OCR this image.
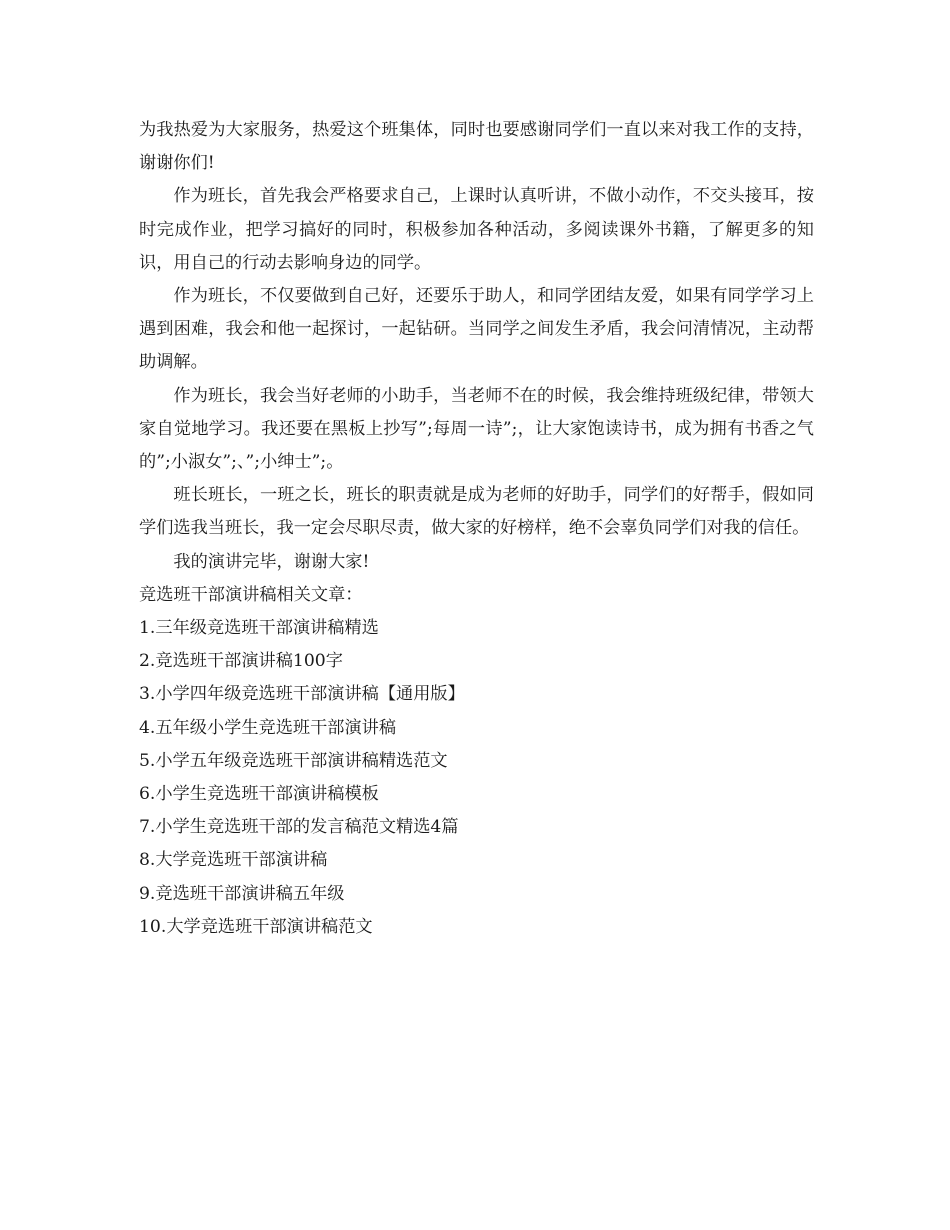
为我热爱为大家服务，热爱这个班集体，同时也要感谢同学们一直以来对我工作的支持，谢谢你们!

作为班长，首先我会严格要求自己，上课时认真听讲，不做小动作，不交头接耳，按时完成作业，把学习搞好的同时，积极参加各种活动，多阅读课外书籍，了解更多的知识，用自己的行动去影响身边的同学。

作为班长，不仅要做到自己好，还要乐于助人，和同学团结友爱，如果有同学学习上遇到困难，我会和他一起探讨，一起钻研。当同学之间发生矛盾，我会问清情况，主动帮助调解。

作为班长，我会当好老师的小助手，当老师不在的时候，我会维持班级纪律，带领大家自觉地学习。我还要在黑板上抄写”;每周一诗”;，让大家饱读诗书，成为拥有书香之气的”;小淑女”;、”;小绅士”;。

班长班长，一班之长，班长的职责就是成为老师的好助手，同学们的好帮手，假如同学们选我当班长，我一定会尽职尽责，做大家的好榜样，绝不会辜负同学们对我的信任。

我的演讲完毕，谢谢大家!

竞选班干部演讲稿相关文章：

1.三年级竞选班干部演讲稿精选
2.竞选班干部演讲稿100字
3.小学四年级竞选班干部演讲稿【通用版】
4.五年级小学生竞选班干部演讲稿
5.小学五年级竞选班干部演讲稿精选范文
6.小学生竞选班干部演讲稿模板
7.小学生竞选班干部的发言稿范文精选4篇
8.大学竞选班干部演讲稿
9.竞选班干部演讲稿五年级
10.大学竞选班干部演讲稿范文
